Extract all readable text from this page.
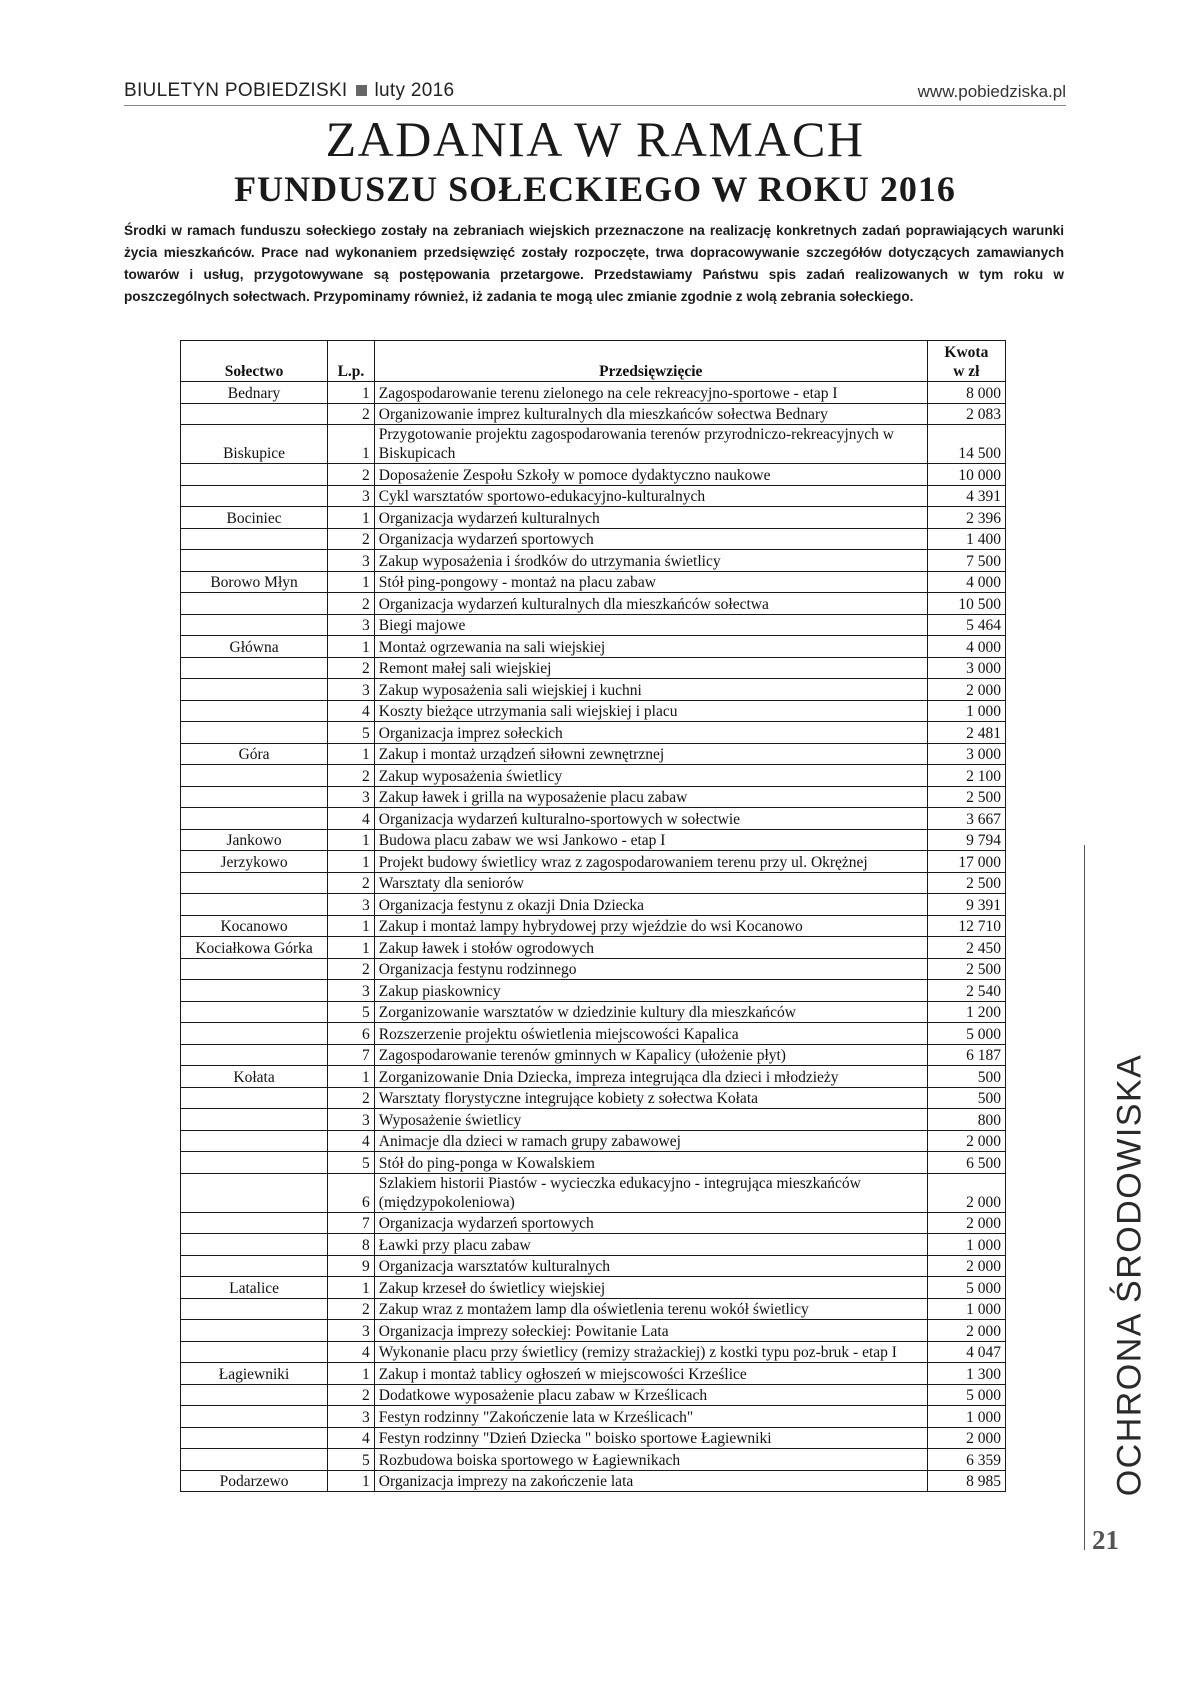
BIULETYN POBIEDZISKI luty 2016	www.pobiedziska.pl
ZADANIA W RAMACH
FUNDUSZU SOŁECKIEGO W ROKU 2016
Środki w ramach funduszu sołeckiego zostały na zebraniach wiejskich przeznaczone na realizację konkretnych zadań poprawiających warunki życia mieszkańców. Prace nad wykonaniem przedsięwzięć zostały rozpoczęte, trwa dopracowywanie szczegółów dotyczących zamawianych towarów i usług, przygotowywane są postępowania przetargowe. Przedstawiamy Państwu spis zadań realizowanych w tym roku w poszczególnych sołectwach. Przypominamy również, iż zadania te mogą ulec zmianie zgodnie z wolą zebrania sołeckiego.
Sołectwo	L.p.	Przedsięwzięcie	Kwota
w zł

Bednary	1	Zagospodarowanie terenu zielonego na cele rekreacyjno-sportowe - etap I	8 000
	2	Organizowanie imprez kulturalnych dla mieszkańców sołectwa Bednary	2 083
Biskupice	1	Przygotowanie projektu zagospodarowania terenów przyrodniczo-rekreacyjnych w Biskupicach	14 500
	2	Doposażenie Zespołu Szkoły w pomoce dydaktyczno naukowe	10 000
	3	Cykl warsztatów sportowo-edukacyjno-kulturalnych	4 391
Bociniec	1	Organizacja wydarzeń kulturalnych	2 396
	2	Organizacja wydarzeń sportowych	1 400
	3	Zakup wyposażenia i środków do utrzymania świetlicy	7 500
Borowo Młyn	1	Stół ping-pongowy - montaż na placu zabaw	4 000
	2	Organizacja wydarzeń kulturalnych dla mieszkańców sołectwa	10 500
	3	Biegi majowe	5 464
Główna	1	Montaż ogrzewania na sali wiejskiej	4 000
	2	Remont małej sali wiejskiej	3 000
	3	Zakup wyposażenia sali wiejskiej i kuchni	2 000
	4	Koszty bieżące utrzymania sali wiejskiej i placu	1 000
	5	Organizacja imprez sołeckich	2 481
Góra	1	Zakup i montaż urządzeń siłowni zewnętrznej	3 000
	2	Zakup wyposażenia świetlicy	2 100
	3	Zakup ławek i grilla na wyposażenie placu zabaw	2 500
	4	Organizacja wydarzeń kulturalno-sportowych w sołectwie	3 667
Jankowo	1	Budowa placu zabaw we wsi Jankowo - etap I	9 794
Jerzykowo	1	Projekt budowy świetlicy wraz z zagospodarowaniem terenu przy ul. Okrężnej	17 000
	2	Warsztaty dla seniorów	2 500
	3	Organizacja festynu z okazji Dnia Dziecka	9 391
Kocanowo	1	Zakup i montaż lampy hybrydowej przy wjeździe do wsi Kocanowo	12 710
Kociałkowa Górka	1	Zakup ławek i stołów ogrodowych	2 450
	2	Organizacja festynu rodzinnego	2 500
	3	Zakup piaskownicy	2 540
	5	Zorganizowanie warsztatów w dziedzinie kultury dla mieszkańców	1 200
	6	Rozszerzenie projektu oświetlenia miejscowości Kapalica	5 000
	7	Zagospodarowanie terenów gminnych w Kapalicy (ułożenie płyt)	6 187
Kołata	1	Zorganizowanie Dnia Dziecka, impreza integrująca dla dzieci i młodzieży	500
	2	Warsztaty florystyczne integrujące kobiety z sołectwa Kołata	500
	3	Wyposażenie świetlicy	800
	4	Animacje dla dzieci w ramach grupy zabawowej	2 000
	5	Stół do ping-ponga w Kowalskiem	6 500
	6	Szlakiem historii Piastów - wycieczka edukacyjno - integrująca mieszkańców (międzypokoleniowa)	2 000
	7	Organizacja wydarzeń sportowych	2 000
	8	Ławki przy placu zabaw	1 000
	9	Organizacja warsztatów kulturalnych	2 000
Latalice	1	Zakup krzeseł do świetlicy wiejskiej	5 000
	2	Zakup wraz z montażem lamp dla oświetlenia terenu wokół świetlicy	1 000
	3	Organizacja imprezy sołeckiej: Powitanie Lata	2 000
	4	Wykonanie placu przy świetlicy (remizy strażackiej) z kostki typu poz-bruk - etap I	4 047
Łagiewniki	1	Zakup i montaż tablicy ogłoszeń w miejscowości Krześlice	1 300
	2	Dodatkowe wyposażenie placu zabaw w Krześlicach	5 000
	3	Festyn rodzinny "Zakończenie lata w Krześlicach"	1 000
	4	Festyn rodzinny "Dzień Dziecka " boisko sportowe Łagiewniki	2 000
	5	Rozbudowa boiska sportowego w Łagiewnikach	6 359
Podarzewo	1	Organizacja imprezy na zakończenie lata	8 985	OCHRONA ŚRODOWISKA
21
